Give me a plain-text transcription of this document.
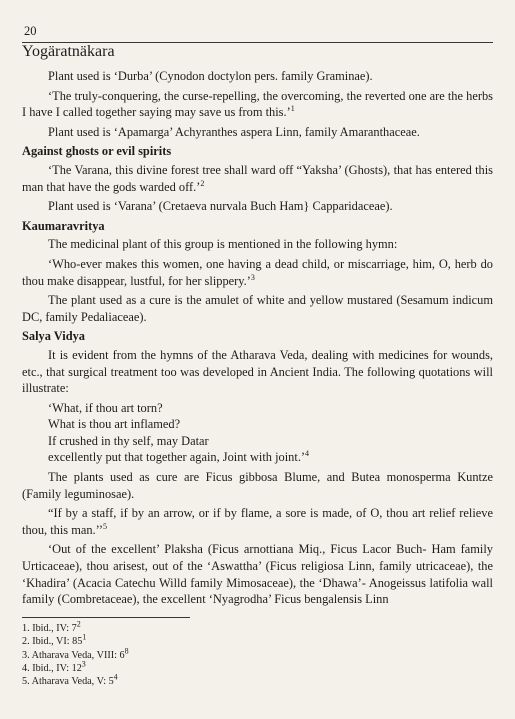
20
Yogäratnäkara

Plant used is ‘Durba’ (Cynodon doctylon pers. family Graminae).

‘The truly-conquering, the curse-repelling, the overcoming, the reverted one are the herbs I have I called together saying may save us from this.’$^1$

Plant used is ‘Apamarga’ Achyranthes aspera Linn, family Amaranthaceae.

Against ghosts or evil spirits

‘The Varana, this divine forest tree shall ward off “Yaksha’ (Ghosts), that has entered this man that have the gods warded off.’$^2$

Plant used is ‘Varana’ (Cretaeva nurvala Buch Ham} Capparidaceae).

Kaumaravritya

The medicinal plant of this group is mentioned in the following hymn:

‘Who-ever makes this women, one having a dead child, or miscarriage, him, O, herb do thou make disappear, lustful, for her slippery.’$^3$

The plant used as a cure is the amulet of white and yellow mustared (Sesamum indicum DC, family Pedaliaceae).

Salya Vidya

It is evident from the hymns of the Atharava Veda, dealing with medicines for wounds, etc., that surgical treatment too was developed in Ancient India. The following quotations will illustrate:

‘What, if thou art torn?
What is thou art inflamed?
If crushed in thy self, may Datar
excellently put that together again, Joint with joint.’$^4$

The plants used as cure are Ficus gibbosa Blume, and Butea monosperma Kuntze (Family leguminosae).

“If by a staff, if by an arrow, or if by flame, a sore is made, of O, thou art relief relieve thou, this man.’’$^5$

‘Out of the excellent’ Plaksha (Ficus arnottiana Miq., Ficus Lacor Buch- Ham family Urticaceae), thou arisest, out of the ‘Aswattha’ (Ficus religiosa Linn, family utricaceae), the ‘Khadira’ (Acacia Catechu Willd family Mimosaceae), the ‘Dhawa’- Anogeissus latifolia wall family (Combretaceae), the excellent ‘Nyagrodha’ Ficus bengalensis Linn

1. Ibid., IV: $7^2$
2. Ibid., VI: $85^1$
3. Atharava Veda, VIII: $6^8$
4. Ibid., IV: $12^3$
5. Atharava Veda, V: $5^4$
